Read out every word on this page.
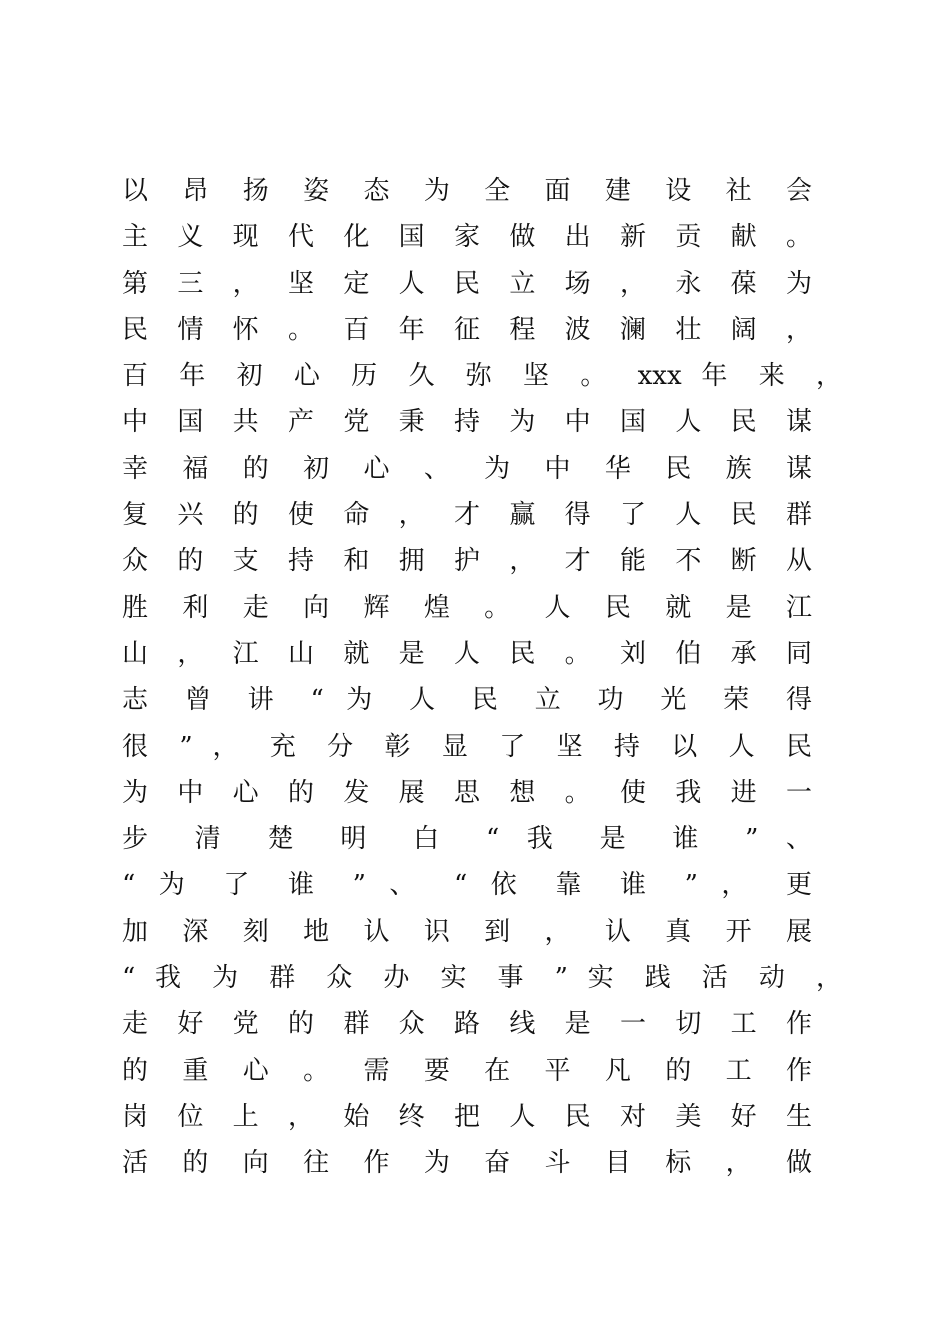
以 昂 扬 姿 态 为 全 面 建 设 社 会
主 义 现 代 化 国 家 做 出 新 贡 献 。
第 三 ， 坚 定 人 民 立 场 ， 永 葆 为
民 情 怀 。 百 年 征 程 波 澜 壮 阔 ，
百 年 初 心 历 久 弥 坚 。 xxx 年 来 ，
中 国 共 产 党 秉 持 为 中 国 人 民 谋
幸 福 的 初 心 、 为 中 华 民 族 谋
复 兴 的 使 命 ， 才 赢 得 了 人 民 群
众 的 支 持 和 拥 护 ， 才 能 不 断 从
胜 利 走 向 辉 煌 。 人 民 就 是 江
山 ， 江 山 就 是 人 民 。 刘 伯 承 同
志 曾 讲 “ 为 人 民 立 功 光 荣 得
很 ” ， 充 分 彰 显 了 坚 持 以 人 民
为 中 心 的 发 展 思 想 。 使 我 进 一
步 清 楚 明 白 “ 我 是 谁 ” 、
“ 为 了 谁 ” 、 “ 依 靠 谁 ” ， 更
加 深 刻 地 认 识 到 ， 认 真 开 展
“ 我 为 群 众 办 实 事 ” 实 践 活 动 ，
走 好 党 的 群 众 路 线 是 一 切 工 作
的 重 心 。 需 要 在 平 凡 的 工 作
岗 位 上 ， 始 终 把 人 民 对 美 好 生
活 的 向 往 作 为 奋 斗 目 标 ， 做
